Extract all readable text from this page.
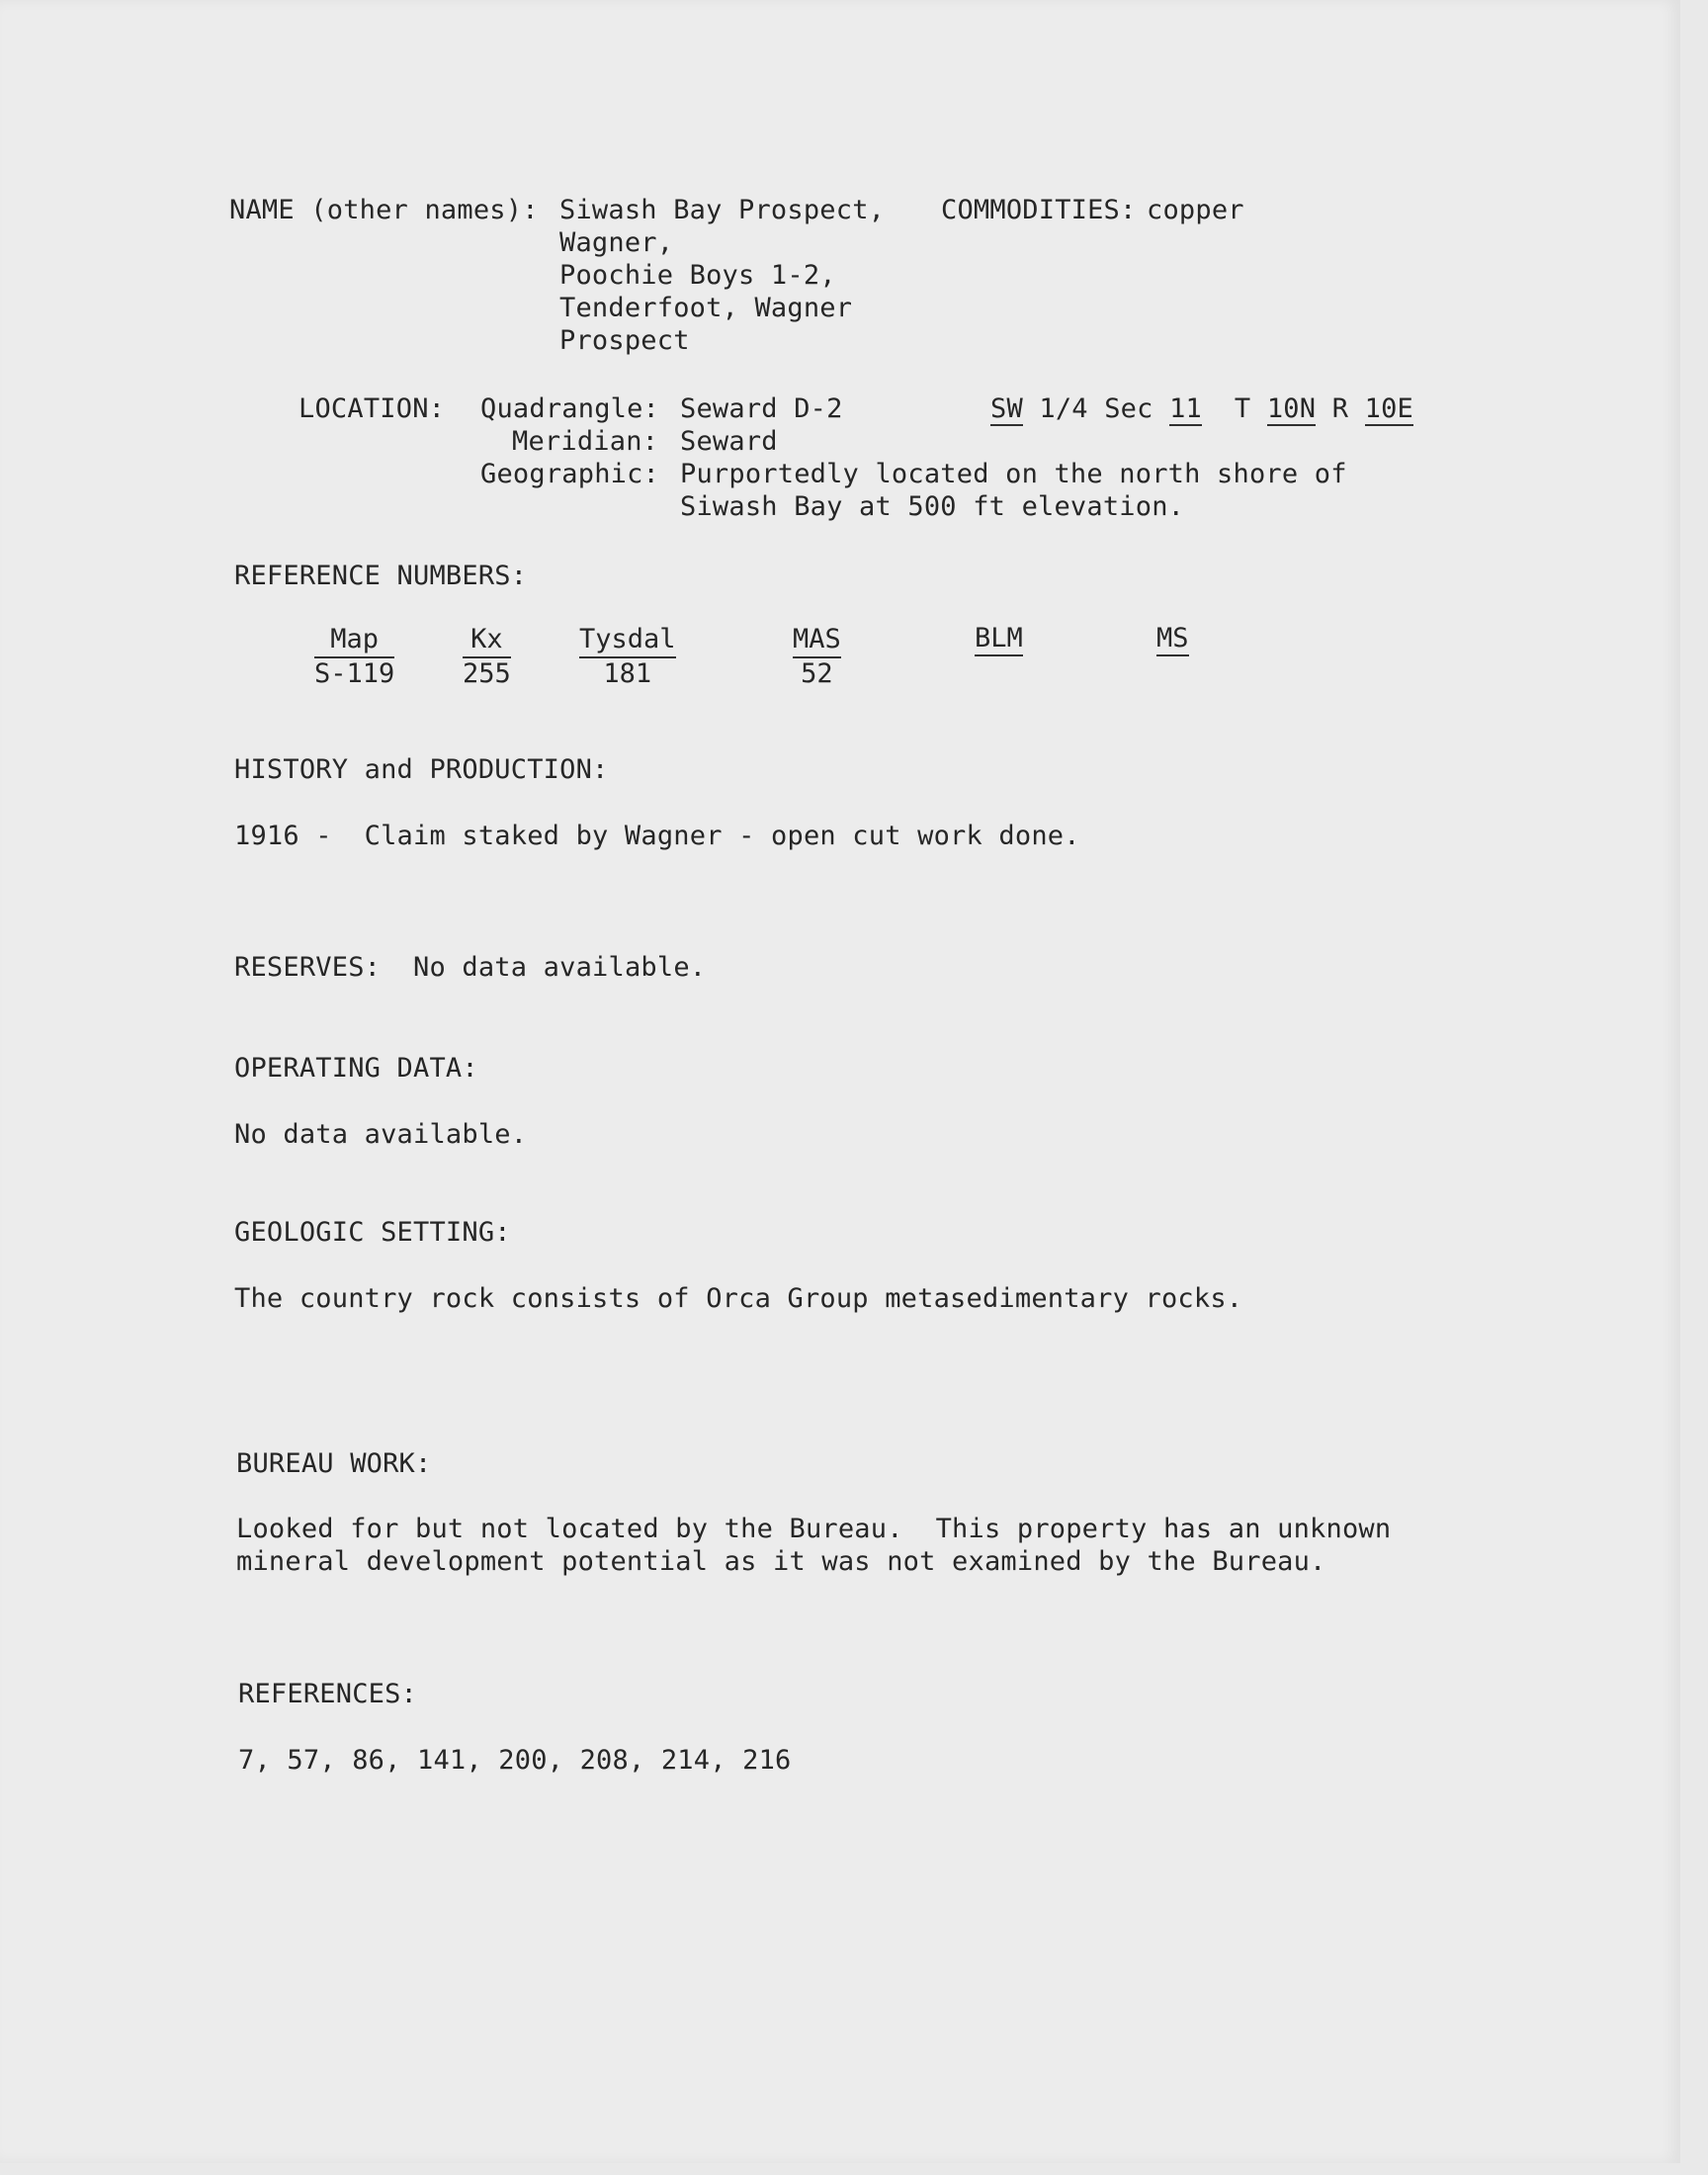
NAME (other names): Siwash Bay Prospect,
Wagner,
Poochie Boys 1-2,
Tenderfoot, Wagner
Prospect
COMMODITIES: copper
LOCATION: Quadrangle: Seward D-2	SW 1/4 Sec 11 T 10N R 10E
Meridian: Seward
Geographic: Purportedly located on the north shore of
Siwash Bay at 500 ft elevation.
REFERENCE NUMBERS:
Map
S-119
Kx
255
Tysdal
181
MAS
52
BLM	MS
HISTORY and PRODUCTION:
1916 -  Claim staked by Wagner - open cut work done.
RESERVES: No data available.
OPERATING DATA:
No data available.
GEOLOGIC SETTING:
The country rock consists of Orca Group metasedimentary rocks.
BUREAU WORK:
Looked for but not located by the Bureau.  This property has an unknown
mineral development potential as it was not examined by the Bureau.
REFERENCES:
7, 57, 86, 141, 200, 208, 214, 216
